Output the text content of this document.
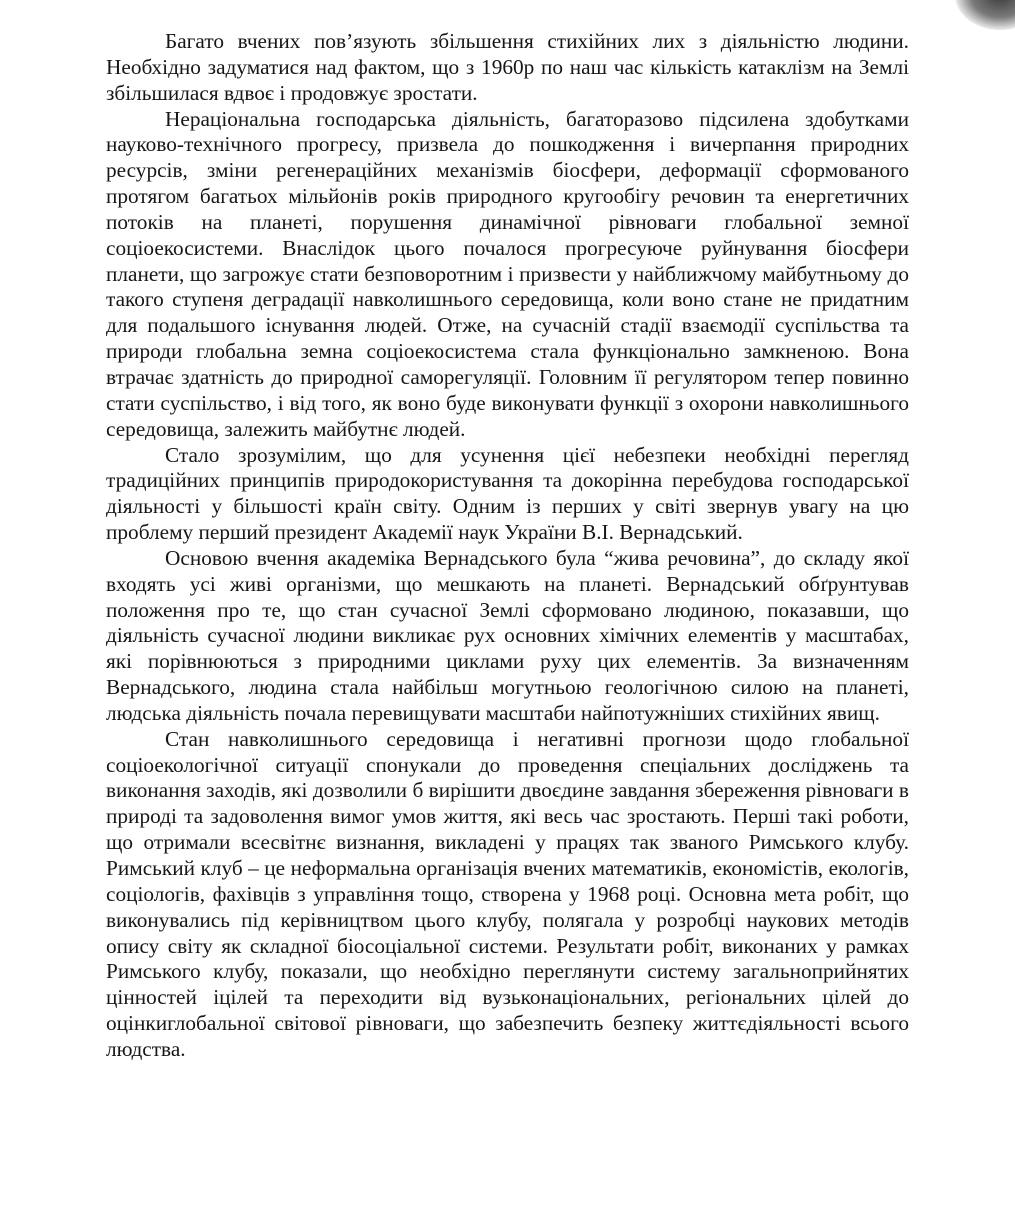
Багато вчених пов’язують збільшення стихійних лих з діяльністю людини. Необхідно задуматися над фактом, що з 1960р по наш час кількість катаклізм на Землі збільшилася вдвоє і продовжує зростати.

Нераціональна господарська діяльність, багаторазово підсилена здобутками науково-технічного прогресу, призвела до пошкодження і вичерпання природних ресурсів, зміни регенераційних механізмів біосфери, деформації сформованого протягом багатьох мільйонів років природного кругообігу речовин та енергетичних потоків на планеті, порушення динамічної рівноваги глобальної земної соціоекосистеми. Внаслідок цього почалося прогресуюче руйнування біосфери планети, що загрожує стати безповоротним і призвести у найближчому майбутньому до такого ступеня деградації навколишнього середовища, коли воно стане не придатним для подальшого існування людей. Отже, на сучасній стадії взаємодії суспільства та природи глобальна земна соціоекосистема стала функціонально замкненою. Вона втрачає здатність до природної саморегуляції. Головним її регулятором тепер повинно стати суспільство, і від того, як воно буде виконувати функції з охорони навколишнього середовища, залежить майбутнє людей.

Стало зрозумілим, що для усунення цієї небезпеки необхідні перегляд традиційних принципів природокористування та докорінна перебудова господарської діяльності у більшості країн світу. Одним із перших у світі звернув увагу на цю проблему перший президент Академії наук України В.І. Вернадський.

Основою вчення академіка Вернадського була “жива речовина”, до складу якої входять усі живі організми, що мешкають на планеті. Вернадський обґрунтував положення про те, що стан сучасної Землі сформовано людиною, показавши, що діяльність сучасної людини викликає рух основних хімічних елементів у масштабах, які порівнюються з природними циклами руху цих елементів. За визначенням Вернадського, людина стала найбільш могутньою геологічною силою на планеті, людська діяльність почала перевищувати масштаби найпотужніших стихійних явищ.

Стан навколишнього середовища і негативні прогнози щодо глобальної соціоекологічної ситуації спонукали до проведення спеціальних досліджень та виконання заходів, які дозволили б вирішити двоєдине завдання збереження рівноваги в природі та задоволення вимог умов життя, які весь час зростають. Перші такі роботи, що отримали всесвітнє визнання, викладені у працях так званого Римського клубу. Римський клуб – це неформальна організація вчених математиків, економістів, екологів, соціологів, фахівців з управління тощо, створена у 1968 році. Основна мета робіт, що виконувались під керівництвом цього клубу, полягала у розробці наукових методів опису світу як складної біосоціальної системи. Результати робіт, виконаних у рамках Римського клубу, показали, що необхідно переглянути систему загальноприйнятих цінностей іцілей та переходити від вузьконаціональних, регіональних цілей до оцінкиглобальної світової рівноваги, що забезпечить безпеку життєдіяльності всього людства.
